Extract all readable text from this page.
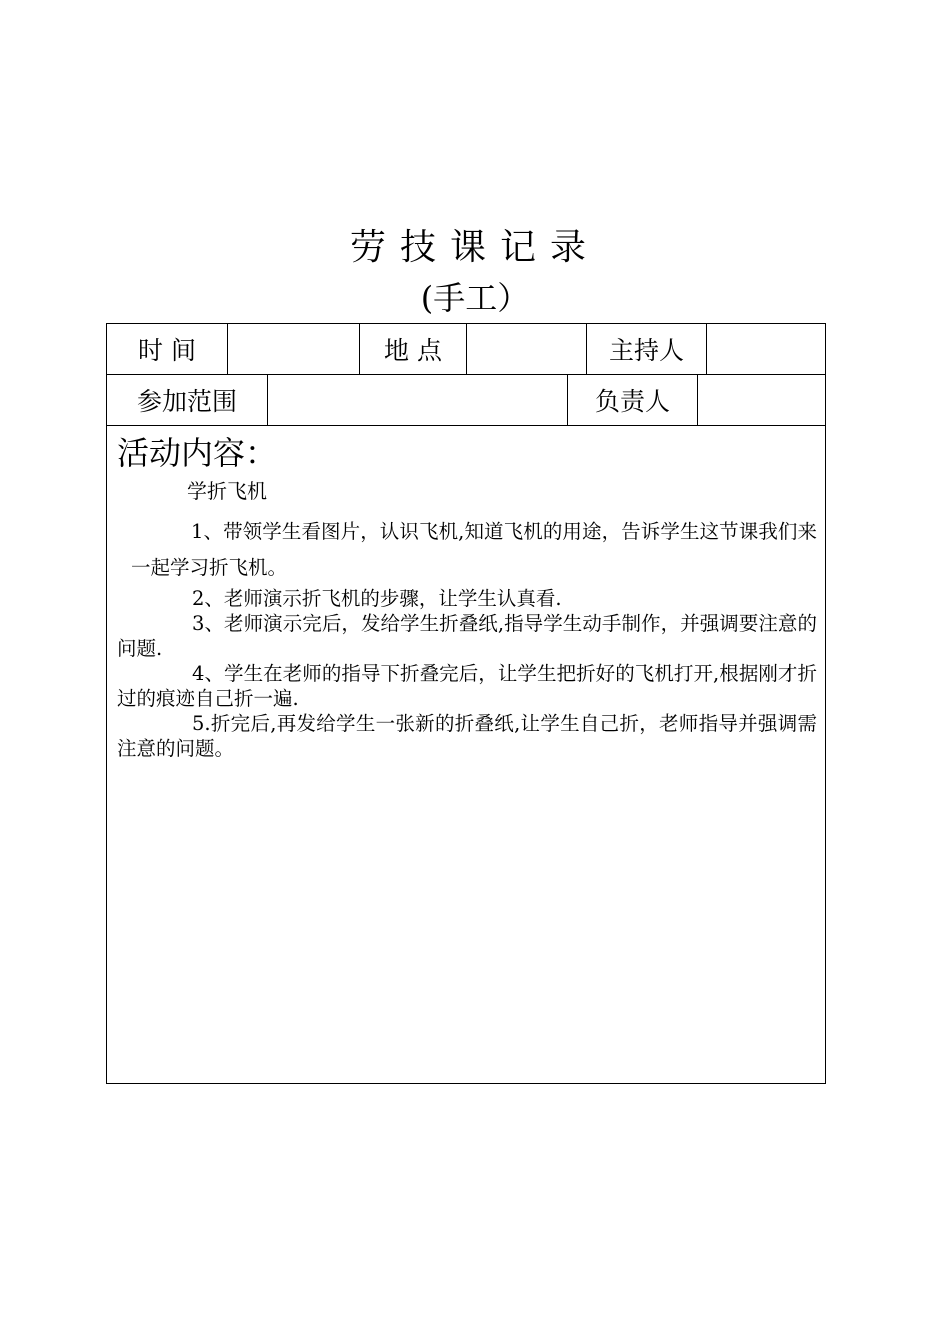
劳技课记录
(手工）
时 间	地 点	主持人
参加范围	负责人

活动内容：

学折飞机

1、带领学生看图片，认识飞机,知道飞机的用途，告诉学生这节课我们来一起学习折飞机。

2、老师演示折飞机的步骤，让学生认真看.

3、老师演示完后，发给学生折叠纸,指导学生动手制作，并强调要注意的问题.

4、学生在老师的指导下折叠完后，让学生把折好的飞机打开,根据刚才折过的痕迹自己折一遍.

5.折完后,再发给学生一张新的折叠纸,让学生自己折，老师指导并强调需注意的问题。
